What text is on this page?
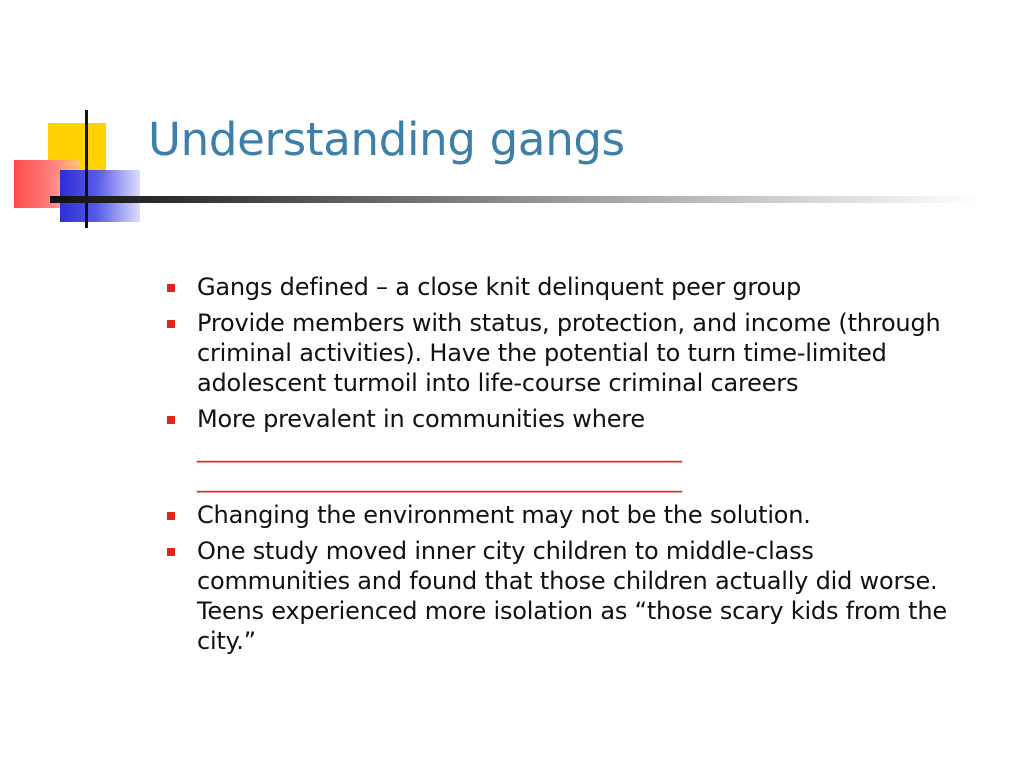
Understanding gangs
Gangs defined – a close knit delinquent peer group
Provide members with status, protection, and income (through criminal activities). Have the potential to turn time-limited adolescent turmoil into life-course criminal careers
More prevalent in communities where
____________________________________________
____________________________________________
Changing the environment may not be the solution.
One study moved inner city children to middle-class communities and found that those children actually did worse. Teens experienced more isolation as “those scary kids from the city.”
